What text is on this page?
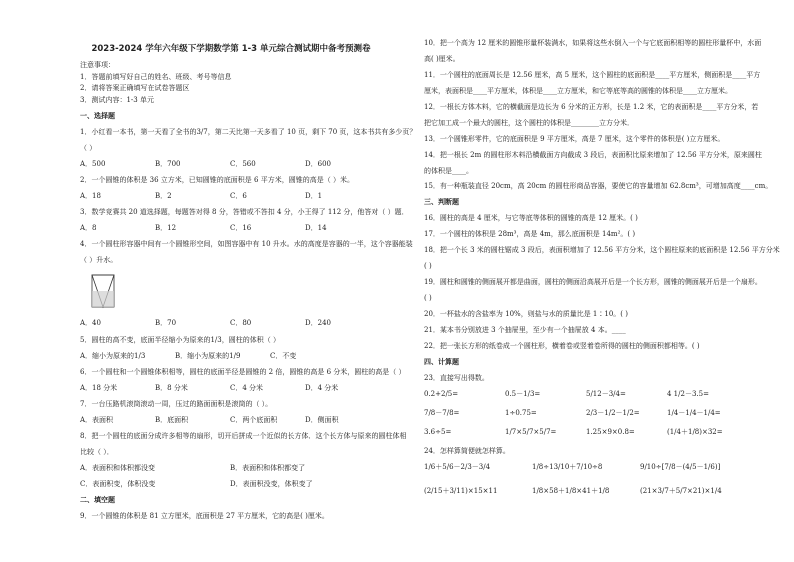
2023-2024 学年六年级下学期数学第 1-3 单元综合测试期中备考预测卷
注意事项：
1．答题前填写好自己的姓名、班级、考号等信息
2．请将答案正确填写在试卷答题区
3．测试内容：1-3 单元
一、选择题
1．小红看一本书，第一天看了全书的3/7，第二天比第一天多看了 10 页，剩下 70 页，这本书共有多少页？
（ ）
A．500	B．700	C．560	D．600
2．一个圆锥的体积是 36 立方米，已知圆锥的底面积是 6 平方米，圆锥的高是（ ）米。
A．18	B．2	C．6	D．1
3．数学竞赛共 20 道选择题，每题答对得 8 分，答错或不答扣 4 分，小王得了 112 分，他答对（ ）题．
A．8	B．12	C．16	D．14
4．一个圆柱形容器中间有一个圆锥形空间，如图容器中有 10 升水。水的高度是容器的一半，这个容器能装
（ ）升水。
A．40	B．70	C．80	D．240
5．圆柱的高不变，底面半径缩小为原来的1/3，圆柱的体积（ ）
A．缩小为原来的1/3	B．缩小为原来的1/9	C．不变
6．一个圆柱和一个圆锥体积相等，圆柱的底面半径是圆锥的 2 倍，圆锥的高是 6 分米，圆柱的高是（ ）
A．18 分米	B．8 分米	C．4 分米	D．4 分米
7．一台压路机滚筒滚动一周，压过的路面面积是滚筒的（ ）。
A．表面积	B．底面积	C．两个底面积	D．侧面积
8．把一个圆柱的底面分成许多相等的扇形，切开后拼成一个近似的长方体．这个长方体与原来的圆柱体相
比较（ ）．
A．表面积和体积都没变	B．表面积和体积都变了
C．表面积变，体积没变	D．表面积没变，体积变了
二、填空题
9．一个圆锥的体积是 81 立方厘米，底面积是 27 平方厘米，它的高是( )厘米。
10．把一个高为 12 厘米的圆锥形量杯装满水，如果将这些水倒入一个与它底面积相等的圆柱形量杯中，水面
高( )厘米。
11．一个圆柱的底面周长是 12.56 厘米，高 5 厘米，这个圆柱的底面积是____平方厘米，侧面积是____平方
厘米，表面积是____平方厘米，体积是____立方厘米，和它等底等高的圆锥的体积是____立方厘米。
12．一根长方体木料，它的横截面是边长为 6 分米的正方形，长是 1.2 米，它的表面积是____平方分米，若
把它加工成一个最大的圆柱，这个圆柱的体积是________立方分米．
13．一个圆锥形零件，它的底面积是 9 平方厘米，高是 7 厘米，这个零件的体积是( )立方厘米。
14．把一根长 2m 的圆柱形木料沿横截面方向截成 3 段后，表面积比原来增加了 12.56 平方分米，原来圆柱
的体积是____。
15．有一种瓶装直径 20cm，高 20cm 的圆柱形商品容器，要使它的容量增加 62.8cm³，可增加高度____cm。
三、判断题
16．圆柱的高是 4 厘米，与它等底等体积的圆锥的高是 12 厘米。( )
17．一个圆柱的体积是 28m³，高是 4m，那么底面积是 14m²。( )
18．把一个长 3 米的圆柱锯成 3 段后，表面积增加了 12.56 平方分米，这个圆柱原来的底面积是 12.56 平方分米
( )
19．圆柱和圆锥的侧面展开都是曲面，圆柱的侧面沿高展开后是一个长方形，圆锥的侧面展开后是一个扇形。
( )
20．一杯盐水的含盐率为 10%，则盐与水的质量比是 1∶10。( )
21．某本书分别放进 3 个抽屉里，至少有一个抽屉放 4 本。____
22．把一张长方形的纸卷成一个圆柱形，横着卷或竖着卷所得的圆柱的侧面积都相等。( )
四、计算题
23．直接写出得数。
0.2+2/5=	0.5－1/3=	5/12－3/4=	4 1/2－3.5=
7/8－7/8=	1÷0.75=	2/3－1/2－1/2=	1/4－1/4－1/4=
3.6÷5=	1/7×5/7×5/7=	1.25×9×0.8=	(1/4＋1/8)×32=
24．怎样算简便就怎样算。
1/6＋5/6－2/3－3/4	1/8÷13/10＋7/10÷8	9/10÷[7/8－(4/5－1/6)]
(2/15＋3/11)×15×11	1/8×58＋1/8×41＋1/8	(21×3/7＋5/7×21)×1/4
